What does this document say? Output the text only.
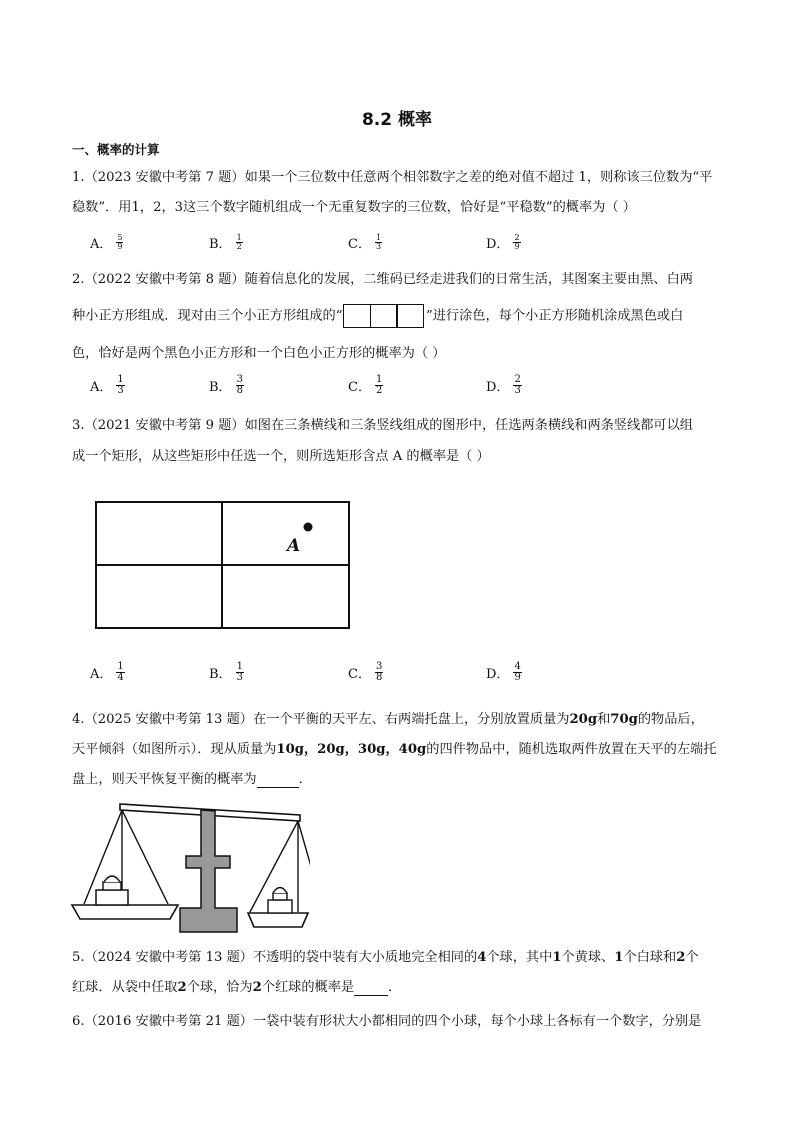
8.2 概率
一、概率的计算
1.（2023 安徽中考第 7 题）如果一个三位数中任意两个相邻数字之差的绝对值不超过 1，则称该三位数为“平
稳数”．用1，2，3这三个数字随机组成一个无重复数字的三位数，恰好是“平稳数”的概率为（ ）
A． $\frac{5}{9}$	B． $\frac{1}{2}$	C． $\frac{1}{3}$	D． $\frac{2}{9}$
2.（2022 安徽中考第 8 题）随着信息化的发展，二维码已经走进我们的日常生活，其图案主要由黑、白两
种小正方形组成．现对由三个小正方形组成的“	”进行涂色，每个小正方形随机涂成黑色或白
色，恰好是两个黑色小正方形和一个白色小正方形的概率为（ ）
A． $\frac{1}{3}$	B． $\frac{3}{8}$	C． $\frac{1}{2}$	D． $\frac{2}{3}$
3.（2021 安徽中考第 9 题）如图在三条横线和三条竖线组成的图形中，任选两条横线和两条竖线都可以组
成一个矩形，从这些矩形中任选一个，则所选矩形含点 A 的概率是（ ）
A
A． $\frac{1}{4}$	B． $\frac{1}{3}$	C． $\frac{3}{8}$	D． $\frac{4}{9}$
4.（2025 安徽中考第 13 题）在一个平衡的天平左、右两端托盘上，分别放置质量为20g和70g的物品后，
天平倾斜（如图所示）．现从质量为10g，20g，30g，40g的四件物品中，随机选取两件放置在天平的左端托
盘上，则天平恢复平衡的概率为	．
5.（2024 安徽中考第 13 题）不透明的袋中装有大小质地完全相同的4个球，其中1个黄球、1个白球和2个
红球．从袋中任取2个球，恰为2个红球的概率是	．
6.（2016 安徽中考第 21 题）一袋中装有形状大小都相同的四个小球，每个小球上各标有一个数字，分别是
